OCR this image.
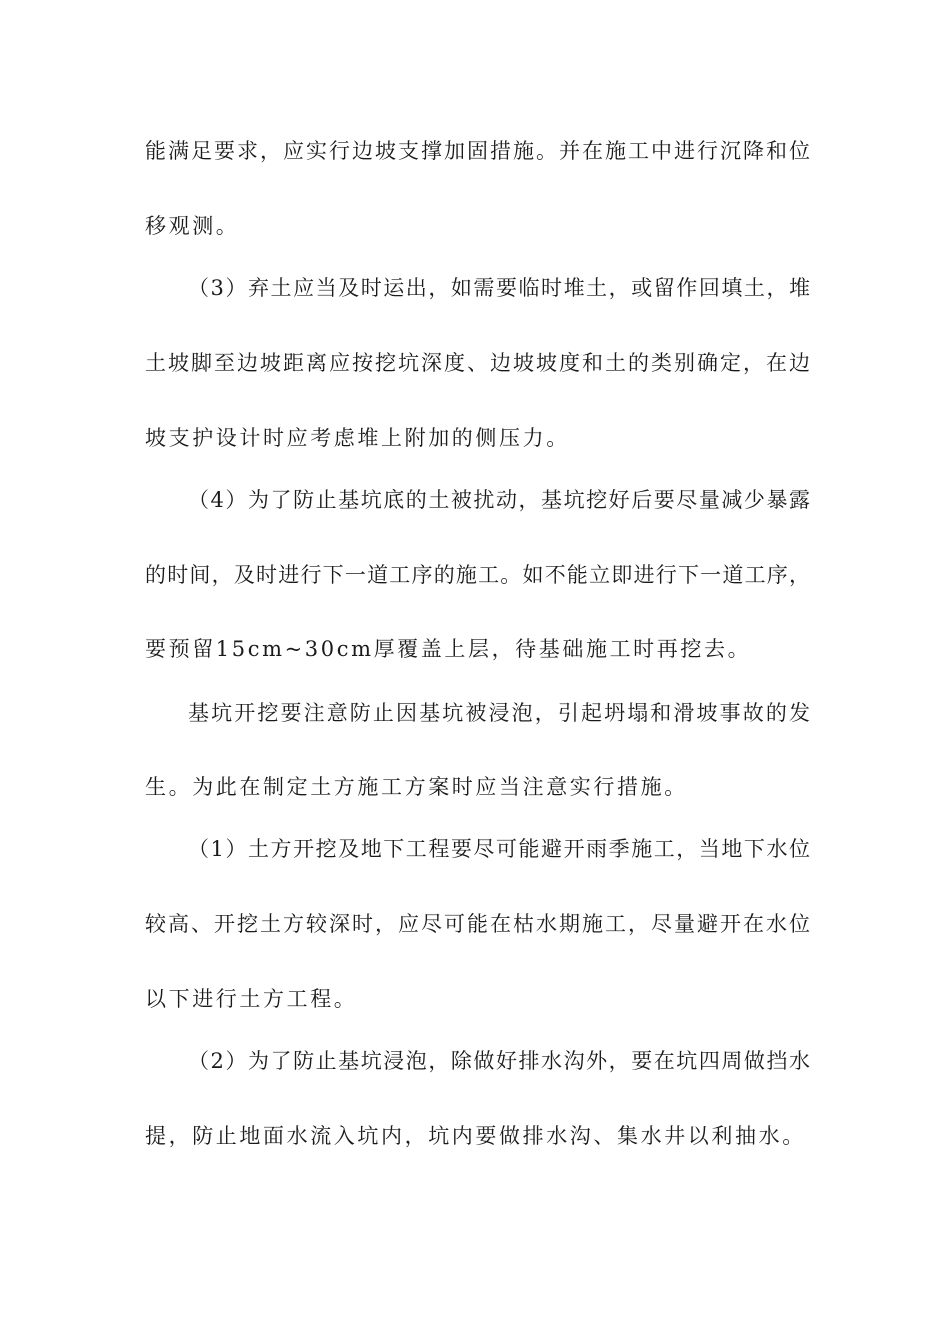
能满足要求，应实行边坡支撑加固措施。并在施工中进行沉降和位
移观测。
（3）弃土应当及时运出，如需要临时堆土，或留作回填土，堆
土坡脚至边坡距离应按挖坑深度、边坡坡度和土的类别确定，在边
坡支护设计时应考虑堆上附加的侧压力。
（4）为了防止基坑底的土被扰动，基坑挖好后要尽量减少暴露
的时间，及时进行下一道工序的施工。如不能立即进行下一道工序，
要预留15cm~30cm厚覆盖上层，待基础施工时再挖去。
基坑开挖要注意防止因基坑被浸泡，引起坍塌和滑坡事故的发
生。为此在制定土方施工方案时应当注意实行措施。
（1）土方开挖及地下工程要尽可能避开雨季施工，当地下水位
较高、开挖土方较深时，应尽可能在枯水期施工，尽量避开在水位
以下进行土方工程。
（2）为了防止基坑浸泡，除做好排水沟外，要在坑四周做挡水
提，防止地面水流入坑内，坑内要做排水沟、集水井以利抽水。
